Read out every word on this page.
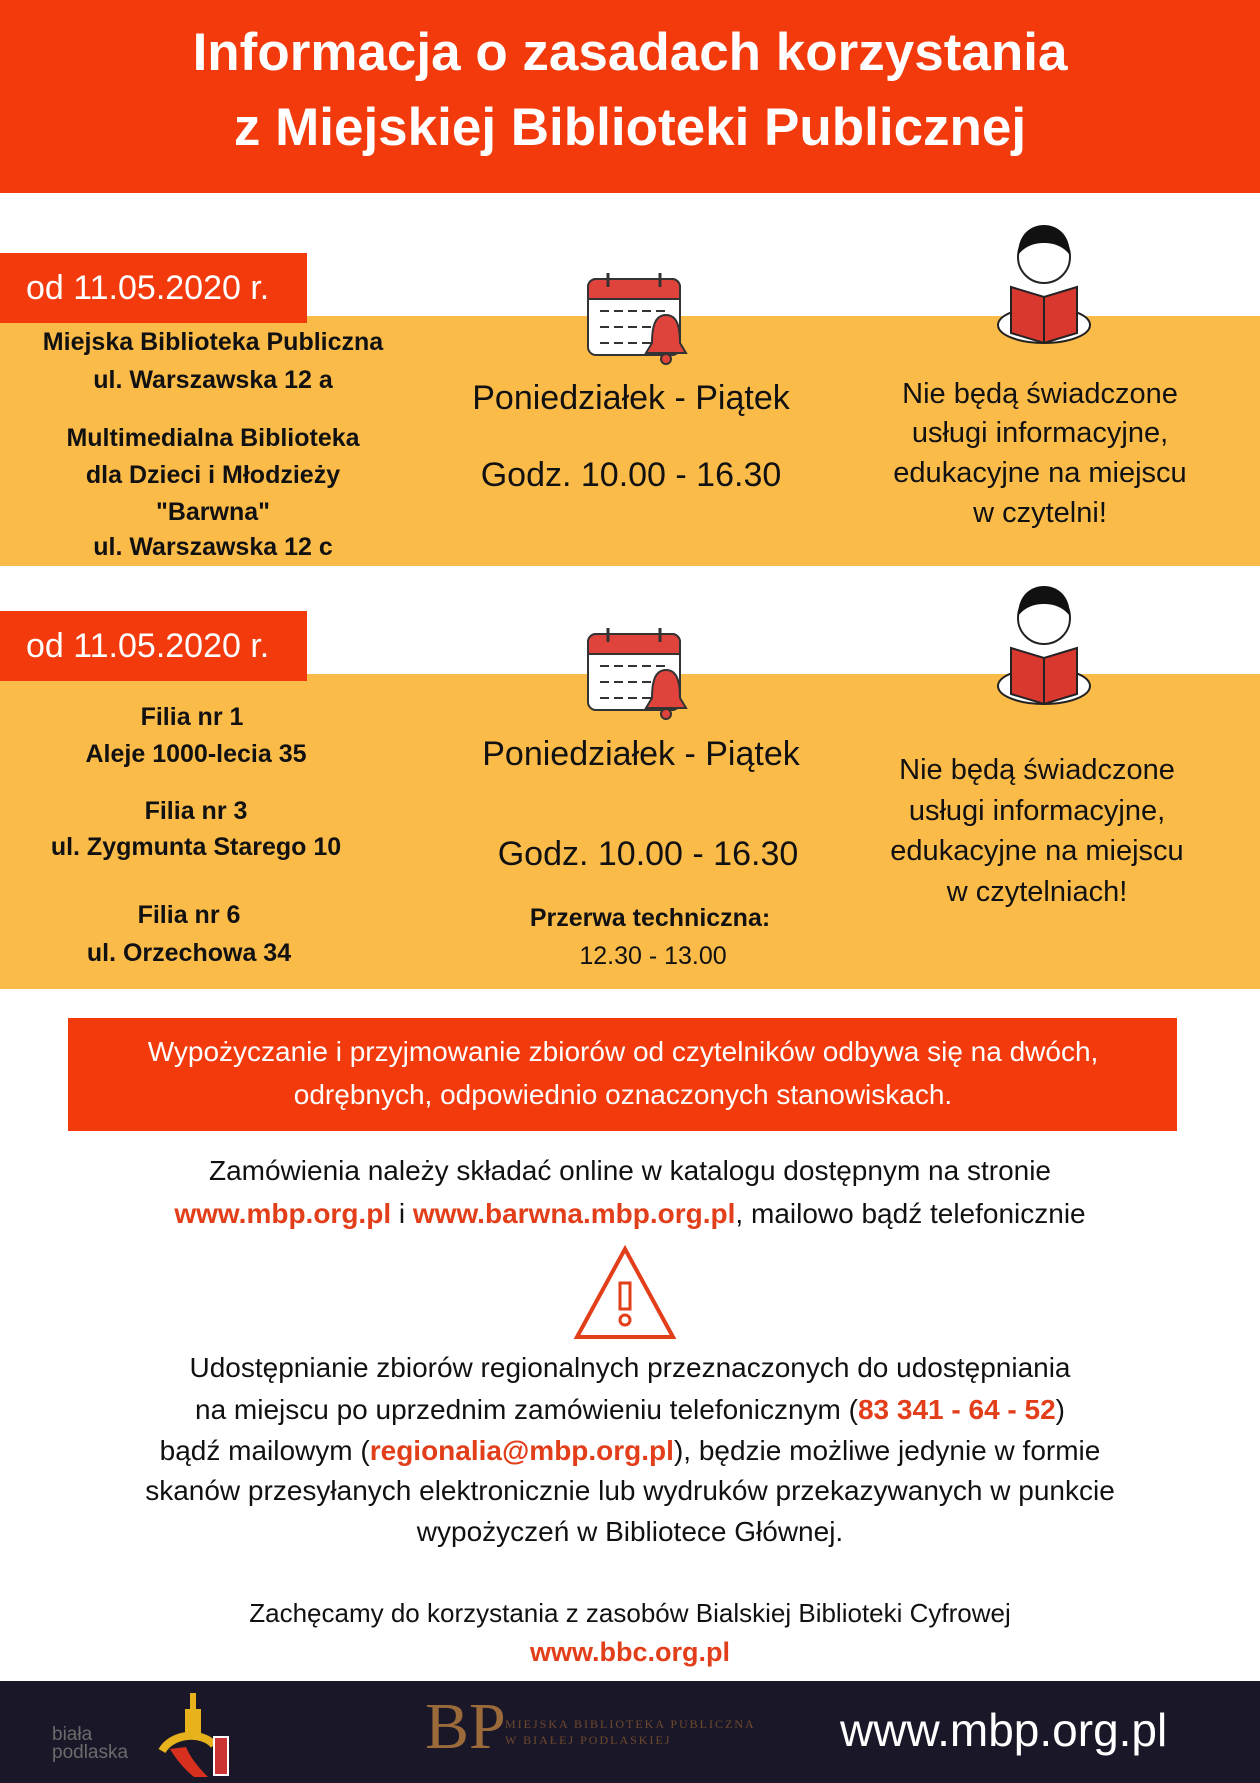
Informacja o zasadach korzystania
z Miejskiej Biblioteki Publicznej
od 11.05.2020 r.
Miejska Biblioteka Publiczna
ul. Warszawska 12 a
Multimedialna Biblioteka
dla Dzieci i Młodzieży
"Barwna"
ul. Warszawska 12 c
Poniedziałek - Piątek
Godz. 10.00 - 16.30
Nie będą świadczone
usługi informacyjne,
edukacyjne na miejscu
w czytelni!
od 11.05.2020 r.
Filia nr 1
Aleje 1000-lecia 35
Filia nr 3
ul. Zygmunta Starego 10
Filia nr 6
ul. Orzechowa 34
Poniedziałek - Piątek
Godz. 10.00 - 16.30
Przerwa techniczna:
12.30 - 13.00
Nie będą świadczone
usługi informacyjne,
edukacyjne na miejscu
w czytelniach!
Wypożyczanie i przyjmowanie zbiorów od czytelników odbywa się na dwóch,
odrębnych, odpowiednio oznaczonych stanowiskach.
Zamówienia należy składać online w katalogu dostępnym na stronie
www.mbp.org.pl i www.barwna.mbp.org.pl, mailowo bądź telefonicznie
Udostępnianie zbiorów regionalnych przeznaczonych do udostępniania
na miejscu po uprzednim zamówieniu telefonicznym (83 341 - 64 - 52)
bądź mailowym (regionalia@mbp.org.pl), będzie możliwe jedynie w formie
skanów przesyłanych elektronicznie lub wydruków przekazywanych w punkcie
wypożyczeń w Bibliotece Głównej.
Zachęcamy do korzystania z zasobów Bialskiej Biblioteki Cyfrowej
www.bbc.org.pl
biała podlaska	BP MIEJSKA BIBLIOTEKA PUBLICZNA
W BIAŁEJ PODLASKIEJ	www.mbp.org.pl
